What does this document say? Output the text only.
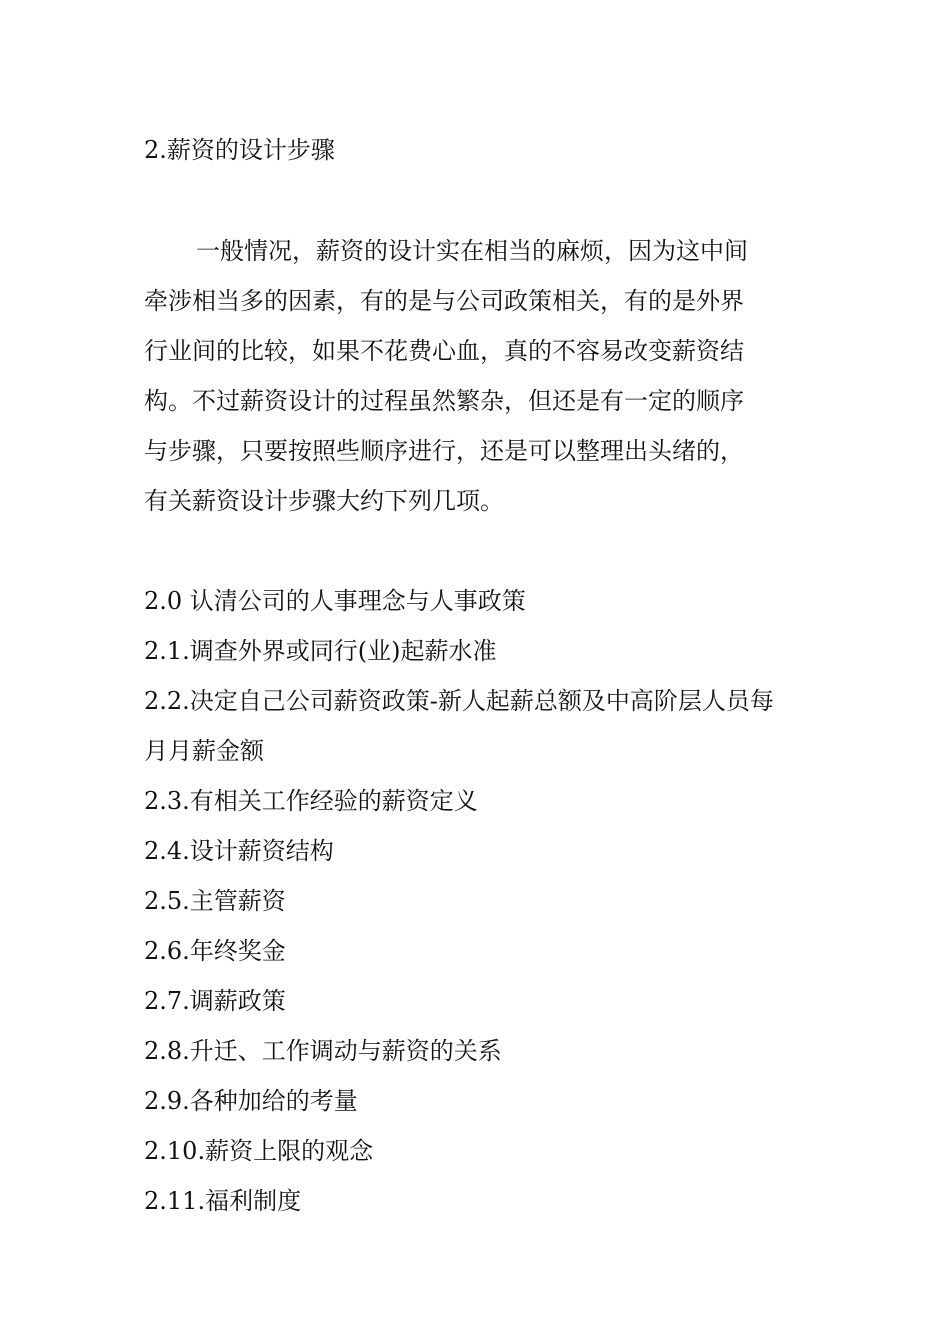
2.薪资的设计步骤
一般情况，薪资的设计实在相当的麻烦，因为这中间
牵涉相当多的因素，有的是与公司政策相关，有的是外界
行业间的比较，如果不花费心血，真的不容易改变薪资结
构。不过薪资设计的过程虽然繁杂，但还是有一定的顺序
与步骤，只要按照些顺序进行，还是可以整理出头绪的，
有关薪资设计步骤大约下列几项。
2.0 认清公司的人事理念与人事政策
2.1.调查外界或同行(业)起薪水准
2.2.决定自己公司薪资政策-新人起薪总额及中高阶层人员每
月月薪金额
2.3.有相关工作经验的薪资定义
2.4.设计薪资结构
2.5.主管薪资
2.6.年终奖金
2.7.调薪政策
2.8.升迁、工作调动与薪资的关系
2.9.各种加给的考量
2.10.薪资上限的观念
2.11.福利制度
